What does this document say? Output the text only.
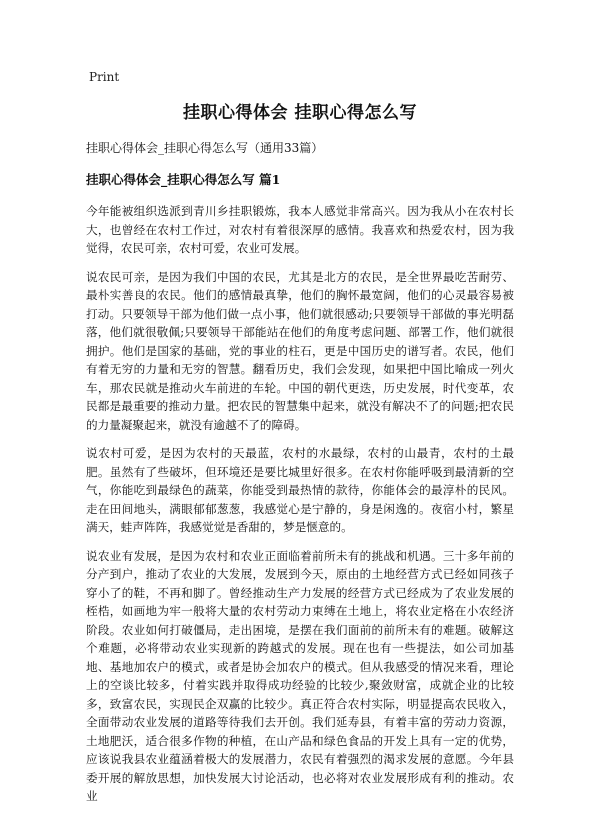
Print
挂职心得体会 挂职心得怎么写
挂职心得体会_挂职心得怎么写（通用33篇）
挂职心得体会_挂职心得怎么写 篇1

今年能被组织选派到青川乡挂职锻炼，我本人感觉非常高兴。因为我从小在农村长大，也曾经在农村工作过，对农村有着很深厚的感情。我喜欢和热爱农村，因为我觉得，农民可亲，农村可爱，农业可发展。

说农民可亲，是因为我们中国的农民，尤其是北方的农民，是全世界最吃苦耐劳、最朴实善良的农民。他们的感情最真挚，他们的胸怀最宽阔，他们的心灵最容易被打动。只要领导干部为他们做一点小事，他们就很感动;只要领导干部做的事光明磊落，他们就很敬佩;只要领导干部能站在他们的角度考虑问题、部署工作，他们就很拥护。他们是国家的基础，党的事业的柱石，更是中国历史的谱写者。农民，他们有着无穷的力量和无穷的智慧。翻看历史，我们会发现，如果把中国比喻成一列火车，那农民就是推动火车前进的车轮。中国的朝代更迭，历史发展，时代变革，农民都是最重要的推动力量。把农民的智慧集中起来，就没有解决不了的问题;把农民的力量凝聚起来，就没有逾越不了的障碍。

说农村可爱，是因为农村的天最蓝，农村的水最绿，农村的山最青，农村的土最肥。虽然有了些破坏，但环境还是要比城里好很多。在农村你能呼吸到最清新的空气，你能吃到最绿色的蔬菜，你能受到最热情的款待，你能体会的最淳朴的民风。走在田间地头，满眼郁郁葱葱，我感觉心是宁静的，身是闲逸的。夜宿小村，繁星满天，蛙声阵阵，我感觉觉是香甜的，梦是惬意的。

说农业有发展，是因为农村和农业正面临着前所未有的挑战和机遇。三十多年前的分产到户，推动了农业的大发展，发展到今天，原由的土地经营方式已经如同孩子穿小了的鞋，不再和脚了。曾经推动生产力发展的经营方式已经成为了农业发展的桎梏，如画地为牢一般将大量的农村劳动力束缚在土地上，将农业定格在小农经济阶段。农业如何打破僵局，走出困境，是摆在我们面前的前所未有的难题。破解这个难题，必将带动农业实现新的跨越式的发展。现在也有一些提法，如公司加基地、基地加农户的模式，或者是协会加农户的模式。但从我感受的情况来看，理论上的空谈比较多，付着实践并取得成功经验的比较少,聚敛财富，成就企业的比较多，致富农民，实现民企双赢的比较少。真正符合农村实际，明显提高农民收入，全面带动农业发展的道路等待我们去开创。我们延寿县，有着丰富的劳动力资源，土地肥沃，适合很多作物的种植，在山产品和绿色食品的开发上具有一定的优势，应该说我县农业蕴涵着极大的发展潜力，农民有着强烈的渴求发展的意愿。今年县委开展的解放思想，加快发展大讨论活动，也必将对农业发展形成有利的推动。农业
